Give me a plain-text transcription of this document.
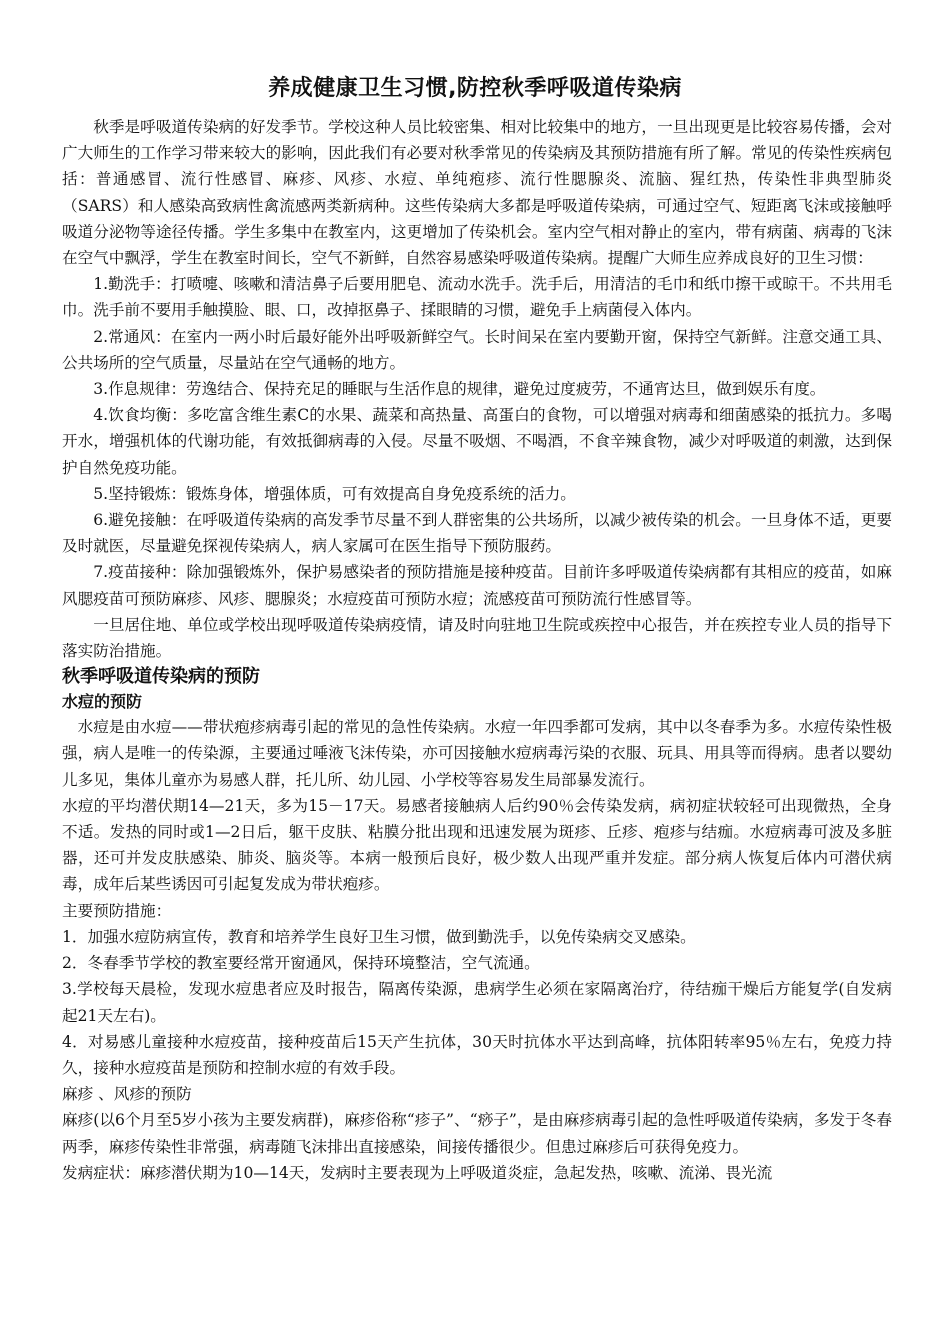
养成健康卫生习惯,防控秋季呼吸道传染病

秋季是呼吸道传染病的好发季节。学校这种人员比较密集、相对比较集中的地方，一旦出现更是比较容易传播，会对广大师生的工作学习带来较大的影响，因此我们有必要对秋季常见的传染病及其预防措施有所了解。常见的传染性疾病包括：普通感冒、流行性感冒、麻疹、风疹、水痘、单纯疱疹、流行性腮腺炎、流脑、猩红热，传染性非典型肺炎（SARS）和人感染高致病性禽流感两类新病种。这些传染病大多都是呼吸道传染病，可通过空气、短距离飞沫或接触呼吸道分泌物等途径传播。学生多集中在教室内，这更增加了传染机会。室内空气相对静止的室内，带有病菌、病毒的飞沫在空气中飘浮，学生在教室时间长，空气不新鲜，自然容易感染呼吸道传染病。提醒广大师生应养成良好的卫生习惯：

1.勤洗手：打喷嚏、咳嗽和清洁鼻子后要用肥皂、流动水洗手。洗手后，用清洁的毛巾和纸巾擦干或晾干。不共用毛巾。洗手前不要用手触摸脸、眼、口，改掉抠鼻子、揉眼睛的习惯，避免手上病菌侵入体内。

2.常通风：在室内一两小时后最好能外出呼吸新鲜空气。长时间呆在室内要勤开窗，保持空气新鲜。注意交通工具、公共场所的空气质量，尽量站在空气通畅的地方。

3.作息规律：劳逸结合、保持充足的睡眠与生活作息的规律，避免过度疲劳，不通宵达旦，做到娱乐有度。

4.饮食均衡：多吃富含维生素C的水果、蔬菜和高热量、高蛋白的食物，可以增强对病毒和细菌感染的抵抗力。多喝开水，增强机体的代谢功能，有效抵御病毒的入侵。尽量不吸烟、不喝酒，不食辛辣食物，减少对呼吸道的刺激，达到保护自然免疫功能。

5.坚持锻炼：锻炼身体，增强体质，可有效提高自身免疫系统的活力。

6.避免接触：在呼吸道传染病的高发季节尽量不到人群密集的公共场所，以减少被传染的机会。一旦身体不适，更要及时就医，尽量避免探视传染病人，病人家属可在医生指导下预防服药。

7.疫苗接种：除加强锻炼外，保护易感染者的预防措施是接种疫苗。目前许多呼吸道传染病都有其相应的疫苗，如麻风腮疫苗可预防麻疹、风疹、腮腺炎；水痘疫苗可预防水痘；流感疫苗可预防流行性感冒等。

一旦居住地、单位或学校出现呼吸道传染病疫情，请及时向驻地卫生院或疾控中心报告，并在疾控专业人员的指导下落实防治措施。

秋季呼吸道传染病的预防
水痘的预防

水痘是由水痘——带状疱疹病毒引起的常见的急性传染病。水痘一年四季都可发病，其中以冬春季为多。水痘传染性极强，病人是唯一的传染源，主要通过唾液飞沫传染，亦可因接触水痘病毒污染的衣服、玩具、用具等而得病。患者以婴幼儿多见，集体儿童亦为易感人群，托儿所、幼儿园、小学校等容易发生局部暴发流行。

水痘的平均潜伏期14—21天，多为15－17天。易感者接触病人后约90％会传染发病，病初症状较轻可出现微热，全身不适。发热的同时或1—2日后，躯干皮肤、粘膜分批出现和迅速发展为斑疹、丘疹、疱疹与结痂。水痘病毒可波及多脏器，还可并发皮肤感染、肺炎、脑炎等。本病一般预后良好，极少数人出现严重并发症。部分病人恢复后体内可潜伏病毒，成年后某些诱因可引起复发成为带状疱疹。

主要预防措施：

1．加强水痘防病宣传，教育和培养学生良好卫生习惯，做到勤洗手，以免传染病交叉感染。

2．冬春季节学校的教室要经常开窗通风，保持环境整洁，空气流通。

3.学校每天晨检，发现水痘患者应及时报告，隔离传染源，患病学生必须在家隔离治疗，待结痂干燥后方能复学(自发病起21天左右)。

4．对易感儿童接种水痘疫苗，接种疫苗后15天产生抗体，30天时抗体水平达到高峰，抗体阳转率95％左右，免疫力持久，接种水痘疫苗是预防和控制水痘的有效手段。

麻疹 、风疹的预防

麻疹(以6个月至5岁小孩为主要发病群)，麻疹俗称“疹子”、“痧子”，是由麻疹病毒引起的急性呼吸道传染病，多发于冬春两季，麻疹传染性非常强，病毒随飞沫排出直接感染，间接传播很少。但患过麻疹后可获得免疫力。

发病症状：麻疹潜伏期为10—14天，发病时主要表现为上呼吸道炎症，急起发热，咳嗽、流涕、畏光流
